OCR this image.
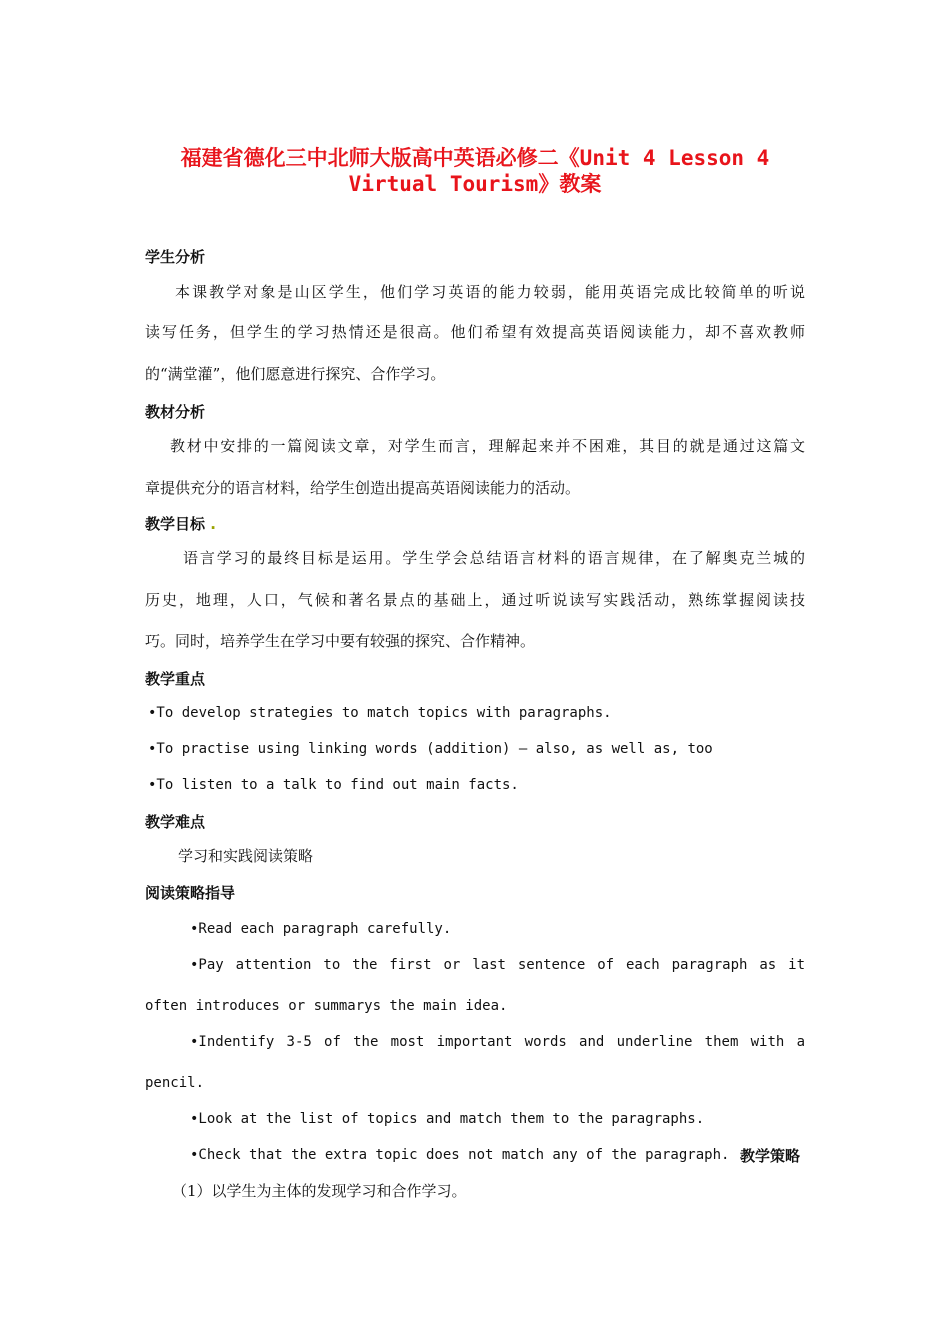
福建省德化三中北师大版高中英语必修二《Unit 4 Lesson 4
Virtual Tourism》教案
学生分析
本课教学对象是山区学生，他们学习英语的能力较弱，能用英语完成比较简单的听说
读写任务，但学生的学习热情还是很高。他们希望有效提高英语阅读能力，却不喜欢教师
的“满堂灌”，他们愿意进行探究、合作学习。
教材分析
教材中安排的一篇阅读文章，对学生而言，理解起来并不困难，其目的就是通过这篇文
章提供充分的语言材料，给学生创造出提高英语阅读能力的活动。
教学目标 .
语言学习的最终目标是运用。学生学会总结语言材料的语言规律，在了解奥克兰城的
历史，地理，人口，气候和著名景点的基础上，通过听说读写实践活动，熟练掌握阅读技
巧。同时，培养学生在学习中要有较强的探究、合作精神。
教学重点
•To develop strategies to match topics with paragraphs.
•To practise using linking words (addition) – also, as well as, too
•To listen to a talk to find out main facts.
教学难点
学习和实践阅读策略
阅读策略指导
•Read each paragraph carefully.
•Pay attention to the first or last sentence of each paragraph as it
often introduces or summarys the main idea.
•Indentify 3-5 of the most important words and underline them with a
pencil.
•Look at the list of topics and match them to the paragraphs.
•Check that the extra topic does not match any of the paragraph. 教学策略
（1）以学生为主体的发现学习和合作学习。
